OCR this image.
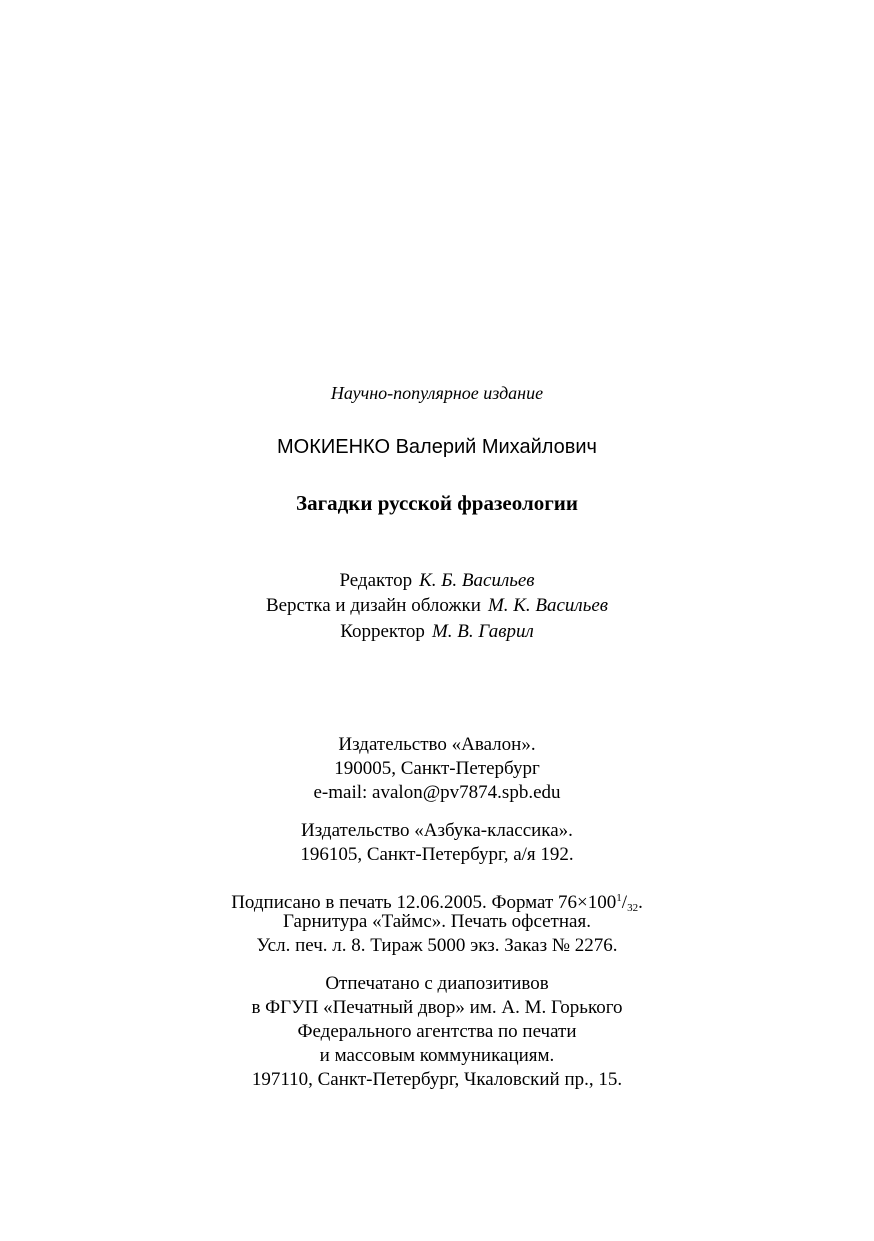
Научно-популярное издание
МОКИЕНКО Валерий Михайлович
Загадки русской фразеологии
Редактор К. Б. Васильев
Верстка и дизайн обложки М. К. Васильев
Корректор М. В. Гаврил
Издательство «Авалон».
190005, Санкт-Петербург
e-mail: avalon@pv7874.spb.edu
Издательство «Азбука-классика».
196105, Санкт-Петербург, а/я 192.
Подписано в печать 12.06.2005. Формат $76\times 100^1/_{32}$.
Гарнитура «Таймс». Печать офсетная.
Усл. печ. л. 8. Тираж 5000 экз. Заказ № 2276.
Отпечатано с диапозитивов
в ФГУП «Печатный двор» им. А. М. Горького
Федерального агентства по печати
и массовым коммуникациям.
197110, Санкт-Петербург, Чкаловский пр., 15.
